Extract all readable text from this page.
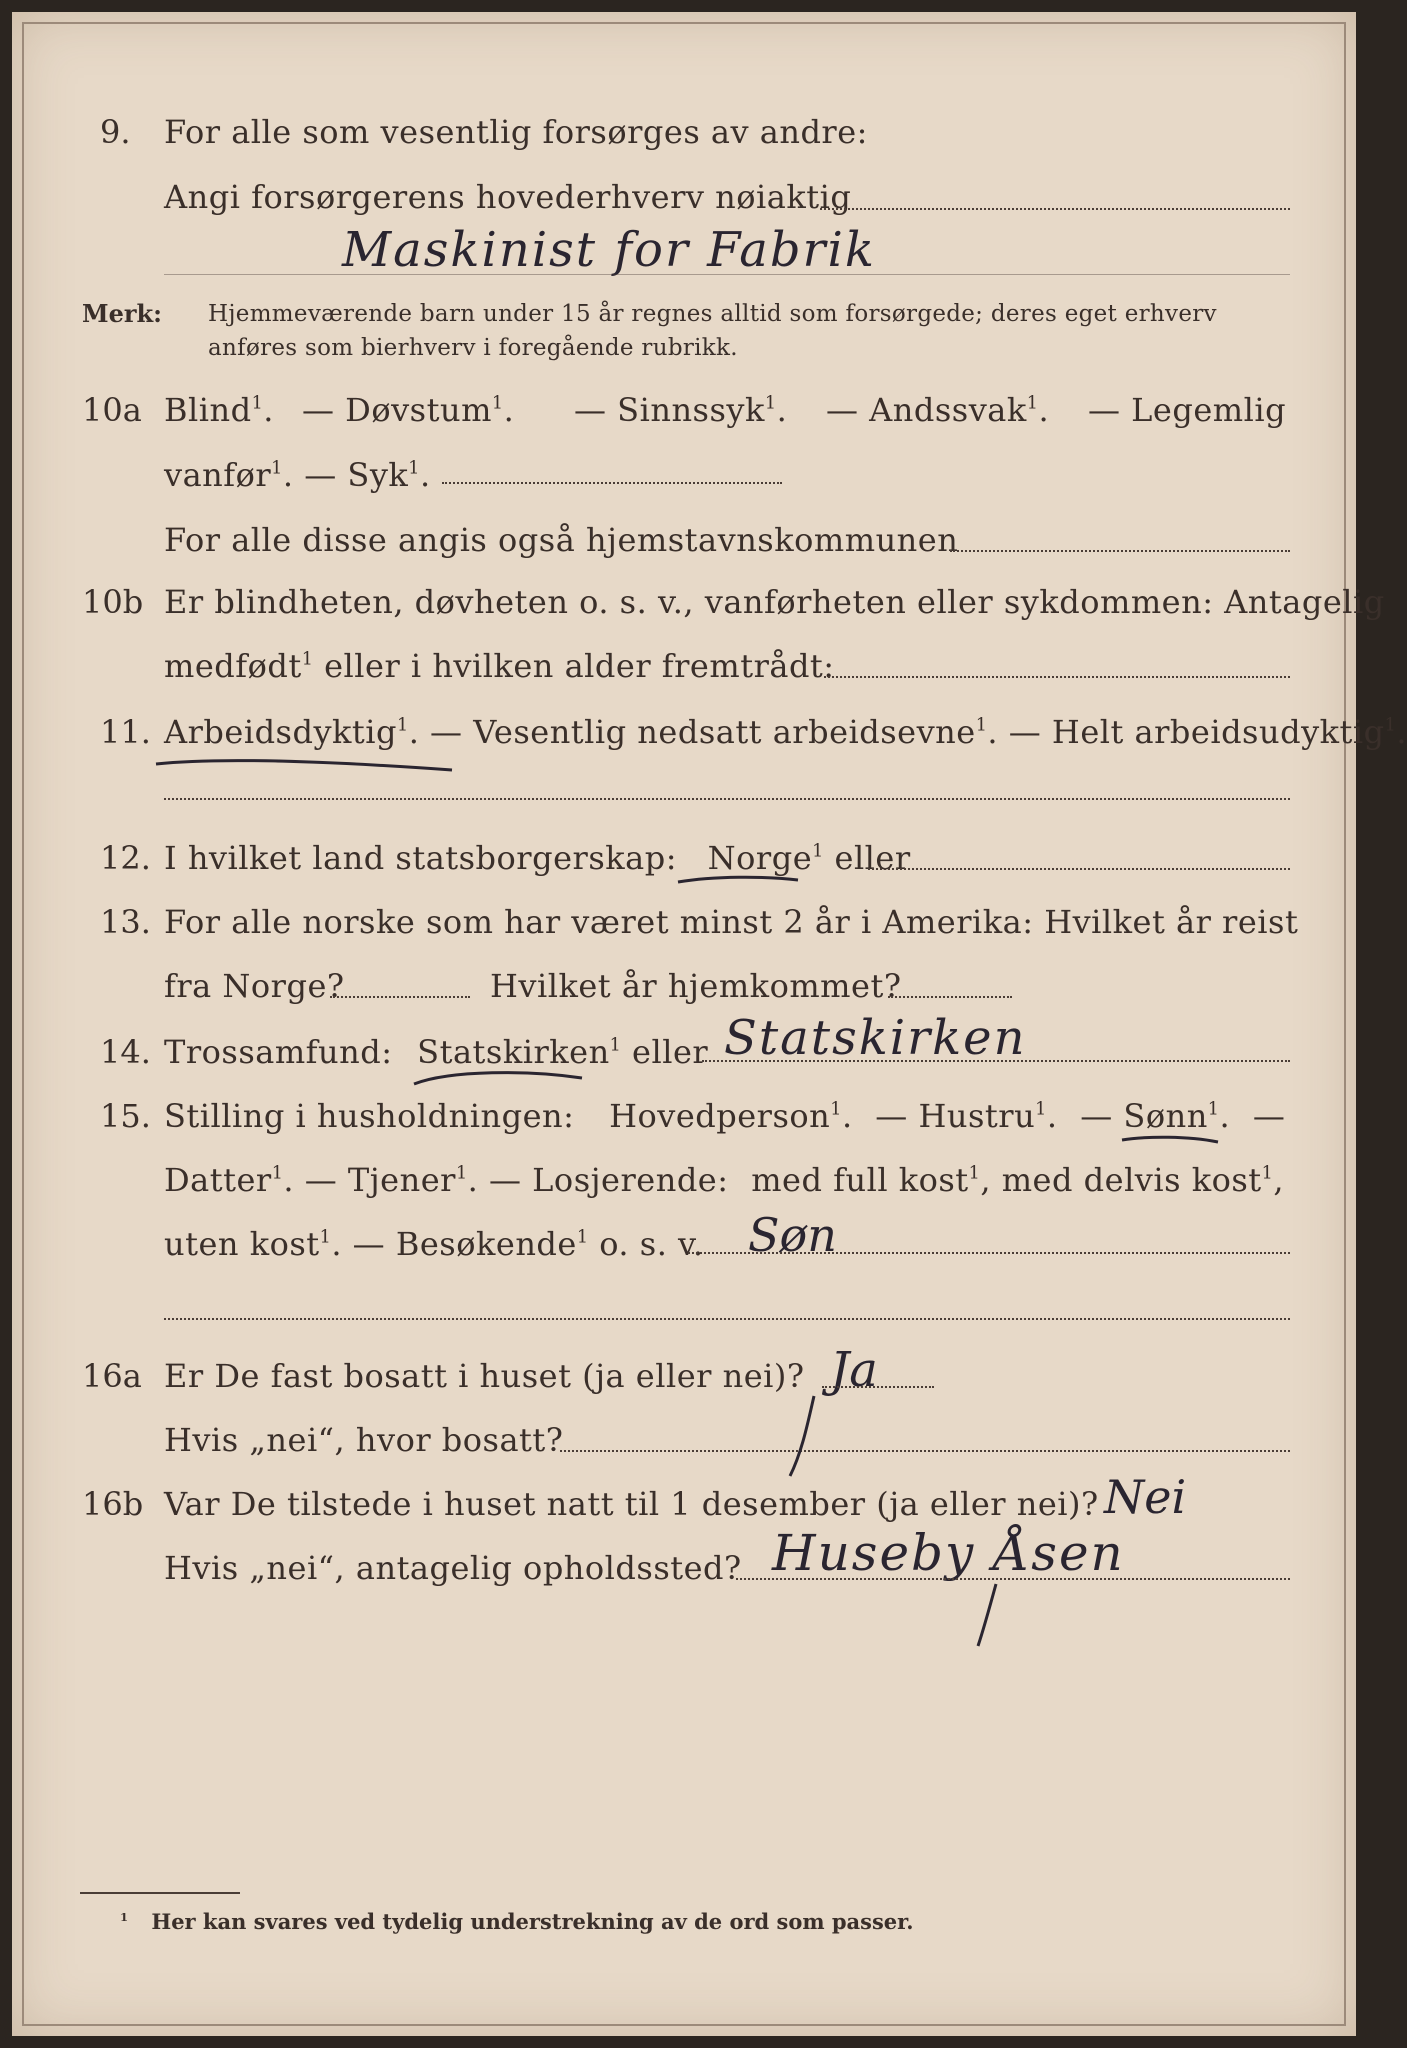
9. For alle som vesentlig forsørges av andre:
Angi forsørgerens hovederhverv nøiaktig
Maskinist for Fabrik
Merk: Hjemmeværende barn under 15 år regnes alltid som forsørgede; deres eget erhverv
anføres som bierhverv i foregående rubrikk.
10a Blind$^1$. — Døvstum$^1$. — Sinnssyk$^1$. — Andssvak$^1$. — Legemlig
vanfør$^1$. — Syk$^1$.
For alle disse angis også hjemstavnskommunen
10b Er blindheten, døvheten o. s. v., vanførheten eller sykdommen: Antagelig
medfødt$^1$ eller i hvilken alder fremtrådt:
11. Arbeidsdyktig$^1$. — Vesentlig nedsatt arbeidsevne$^1$. — Helt arbeidsudyktig$^1$.
12. I hvilket land statsborgerskap: Norge$^1$ eller
13. For alle norske som har været minst 2 år i Amerika: Hvilket år reist
fra Norge?	Hvilket år hjemkommet?
14. Trossamfund: Statskirken$^1$ eller Statskirken
15. Stilling i husholdningen: Hovedperson$^1$. — Hustru$^1$. — Sønn$^1$. —
Datter$^1$. — Tjener$^1$. — Losjerende: med full kost$^1$, med delvis kost$^1$,
uten kost$^1$. — Besøkende$^1$ o. s. v. Søn
16a Er De fast bosatt i huset (ja eller nei)? Ja
Hvis „nei“, hvor bosatt?
16b Var De tilstede i huset natt til 1 desember (ja eller nei)? Nei
Hvis „nei“, antagelig opholdssted? Huseby Åsen
$^1$ Her kan svares ved tydelig understrekning av de ord som passer.
